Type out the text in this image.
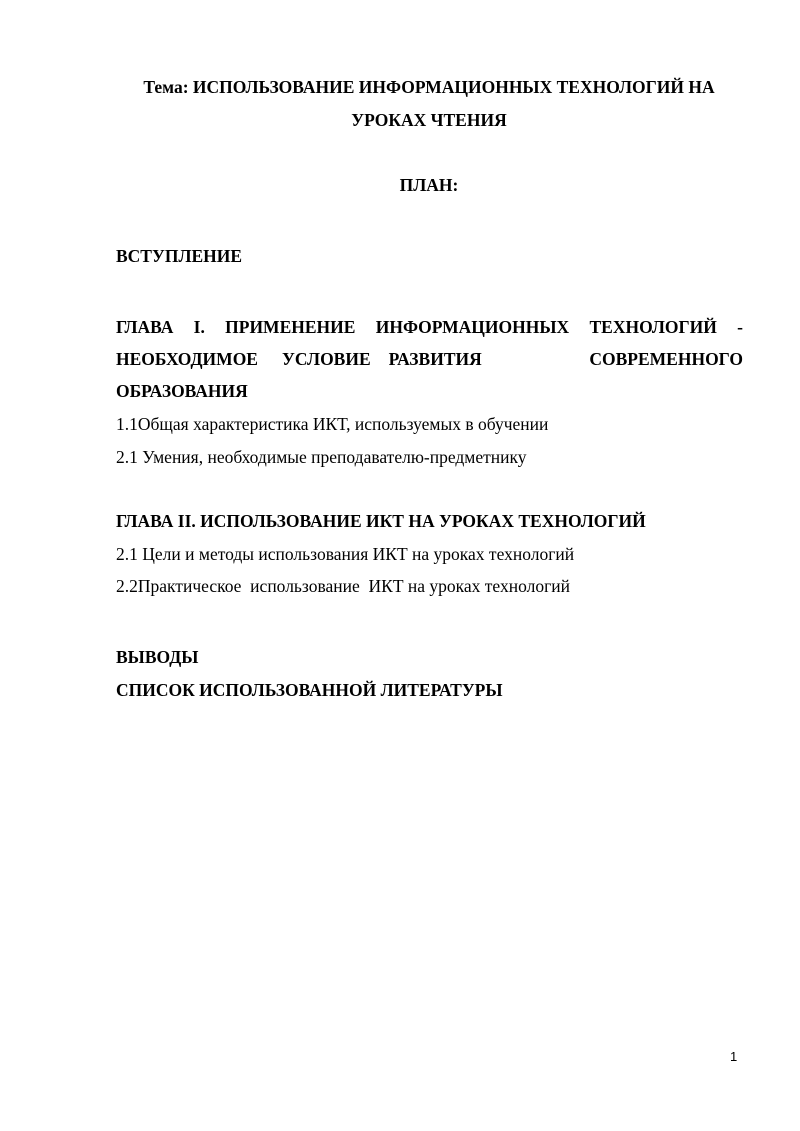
Тема: ИСПОЛЬЗОВАНИЕ ИНФОРМАЦИОННЫХ ТЕХНОЛОГИЙ НА
УРОКАХ ЧТЕНИЯ
ПЛАН:
ВСТУПЛЕНИЕ
ГЛАВА I. ПРИМЕНЕНИЕ ИНФОРМАЦИОННЫХ ТЕХНОЛОГИЙ -
НЕОБХОДИМОЕ УСЛОВИЕ РАЗВИТИЯ	СОВРЕМЕННОГО
ОБРАЗОВАНИЯ
1.1Общая характеристика ИКТ, используемых в обучении
2.1 Умения, необходимые преподавателю-предметнику
ГЛАВА II. ИСПОЛЬЗОВАНИЕ ИКТ НА УРОКАХ ТЕХНОЛОГИЙ
2.1 Цели и методы использования ИКТ на уроках технологий
2.2Практическое  использование  ИКТ на уроках технологий
ВЫВОДЫ
СПИСОК ИСПОЛЬЗОВАННОЙ ЛИТЕРАТУРЫ
1
